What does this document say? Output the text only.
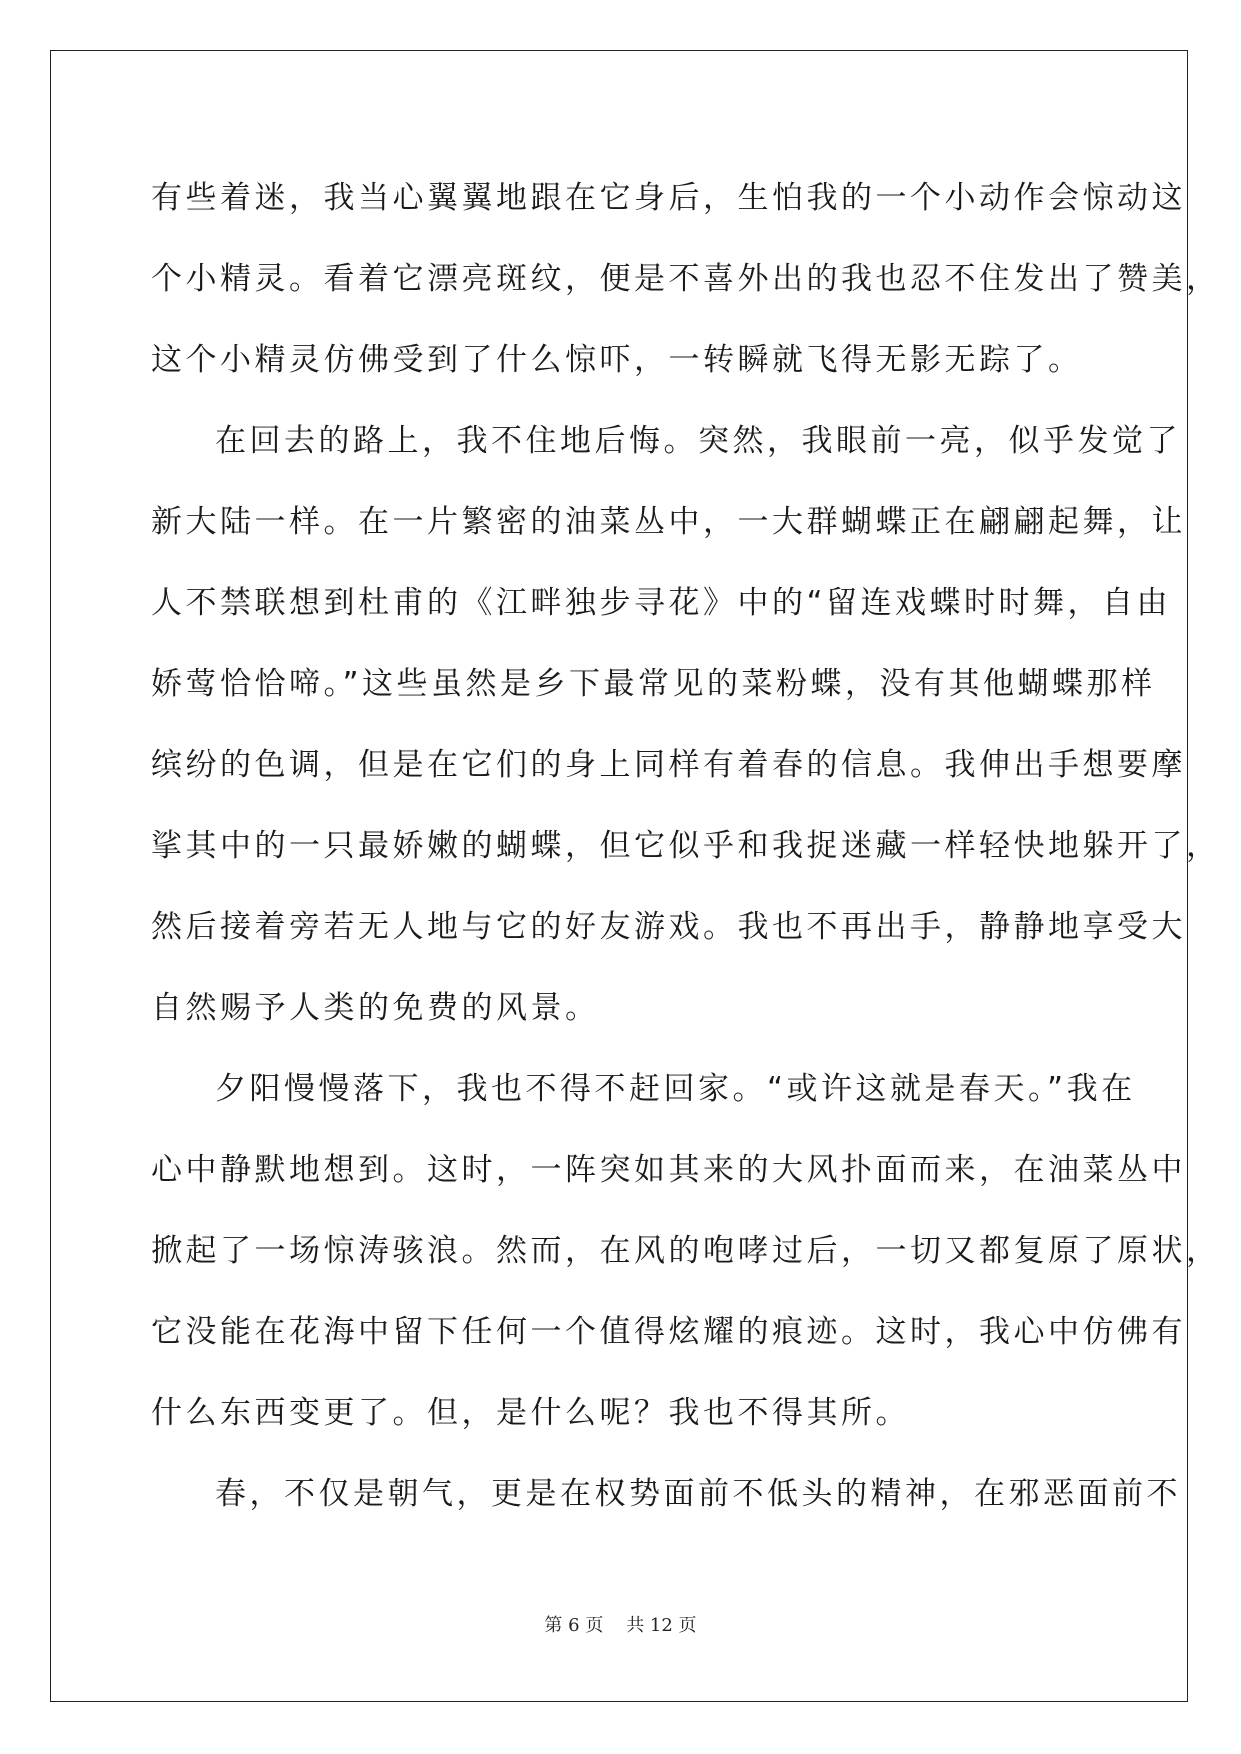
有些着迷，我当心翼翼地跟在它身后，生怕我的一个小动作会惊动这
个小精灵。看着它漂亮斑纹，便是不喜外出的我也忍不住发出了赞美，
这个小精灵仿佛受到了什么惊吓，一转瞬就飞得无影无踪了。
在回去的路上，我不住地后悔。突然，我眼前一亮，似乎发觉了
新大陆一样。在一片繁密的油菜丛中，一大群蝴蝶正在翩翩起舞，让
人不禁联想到杜甫的《江畔独步寻花》中的“留连戏蝶时时舞，自由
娇莺恰恰啼。”这些虽然是乡下最常见的菜粉蝶，没有其他蝴蝶那样
缤纷的色调，但是在它们的身上同样有着春的信息。我伸出手想要摩
挲其中的一只最娇嫩的蝴蝶，但它似乎和我捉迷藏一样轻快地躲开了，
然后接着旁若无人地与它的好友游戏。我也不再出手，静静地享受大
自然赐予人类的免费的风景。
夕阳慢慢落下，我也不得不赶回家。“或许这就是春天。”我在
心中静默地想到。这时，一阵突如其来的大风扑面而来，在油菜丛中
掀起了一场惊涛骇浪。然而，在风的咆哮过后，一切又都复原了原状，
它没能在花海中留下任何一个值得炫耀的痕迹。这时，我心中仿佛有
什么东西变更了。但，是什么呢？我也不得其所。
春，不仅是朝气，更是在权势面前不低头的精神，在邪恶面前不
第 6 页    共 12 页
